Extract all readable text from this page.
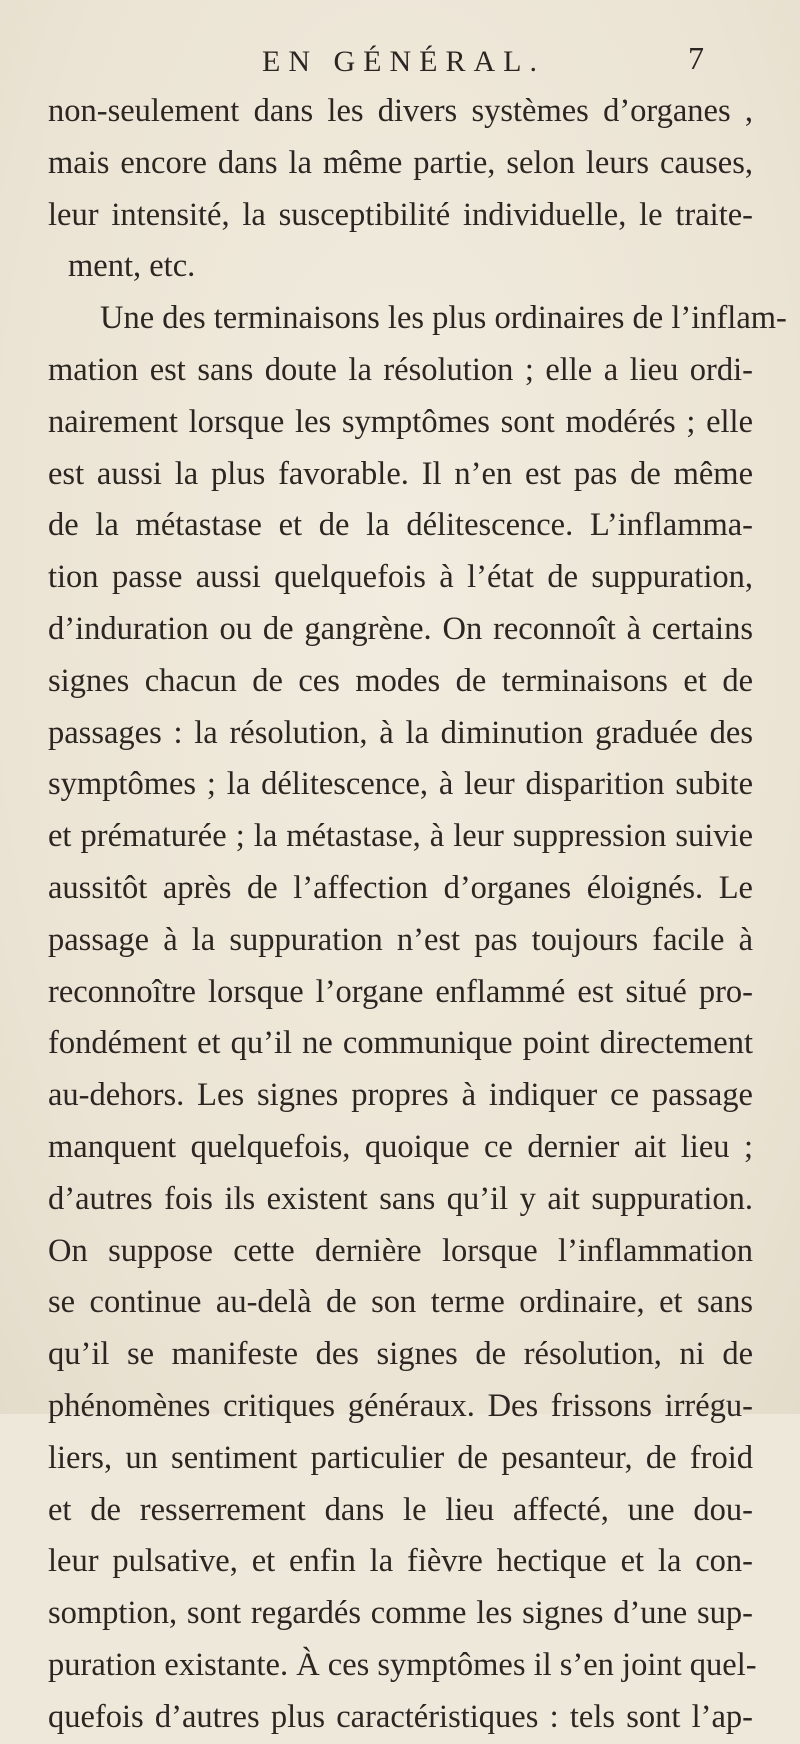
EN GÉNÉRAL.	7
non-seulement dans les divers systèmes d’organes ,
mais encore dans la même partie, selon leurs causes,
leur intensité, la susceptibilité individuelle, le traite-
ment, etc.
Une des terminaisons les plus ordinaires de l’inflam-
mation est sans doute la résolution ; elle a lieu ordi-
nairement lorsque les symptômes sont modérés ; elle
est aussi la plus favorable. Il n’en est pas de même
de la métastase et de la délitescence. L’inflamma-
tion passe aussi quelquefois à l’état de suppuration,
d’induration ou de gangrène. On reconnoît à certains
signes chacun de ces modes de terminaisons et de
passages : la résolution, à la diminution graduée des
symptômes ; la délitescence, à leur disparition subite
et prématurée ; la métastase, à leur suppression suivie
aussitôt après de l’affection d’organes éloignés. Le
passage à la suppuration n’est pas toujours facile à
reconnoître lorsque l’organe enflammé est situé pro-
fondément et qu’il ne communique point directement
au-dehors. Les signes propres à indiquer ce passage
manquent quelquefois, quoique ce dernier ait lieu ;
d’autres fois ils existent sans qu’il y ait suppuration.
On suppose cette dernière lorsque l’inflammation
se continue au-delà de son terme ordinaire, et sans
qu’il se manifeste des signes de résolution, ni de
phénomènes critiques généraux. Des frissons irrégu-
liers, un sentiment particulier de pesanteur, de froid
et de resserrement dans le lieu affecté, une dou-
leur pulsative, et enfin la fièvre hectique et la con-
somption, sont regardés comme les signes d’une sup-
puration existante. À ces symptômes il s’en joint quel-
quefois d’autres plus caractéristiques : tels sont l’ap-
